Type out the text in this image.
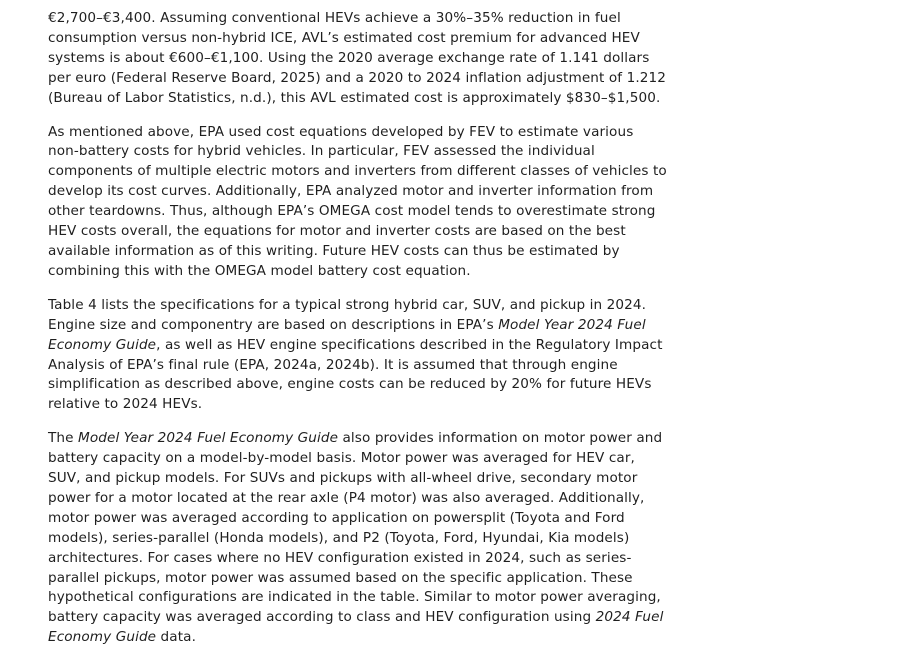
€2,700–€3,400. Assuming conventional HEVs achieve a 30%–35% reduction in fuel consumption versus non-hybrid ICE, AVL’s estimated cost premium for advanced HEV systems is about €600–€1,100. Using the 2020 average exchange rate of 1.141 dollars per euro (Federal Reserve Board, 2025) and a 2020 to 2024 inflation adjustment of 1.212 (Bureau of Labor Statistics, n.d.), this AVL estimated cost is approximately $830–$1,500.

As mentioned above, EPA used cost equations developed by FEV to estimate various non-battery costs for hybrid vehicles. In particular, FEV assessed the individual components of multiple electric motors and inverters from different classes of vehicles to develop its cost curves. Additionally, EPA analyzed motor and inverter information from other teardowns. Thus, although EPA’s OMEGA cost model tends to overestimate strong HEV costs overall, the equations for motor and inverter costs are based on the best available information as of this writing. Future HEV costs can thus be estimated by combining this with the OMEGA model battery cost equation.

Table 4 lists the specifications for a typical strong hybrid car, SUV, and pickup in 2024. Engine size and componentry are based on descriptions in EPA’s Model Year 2024 Fuel Economy Guide, as well as HEV engine specifications described in the Regulatory Impact Analysis of EPA’s final rule (EPA, 2024a, 2024b). It is assumed that through engine simplification as described above, engine costs can be reduced by 20% for future HEVs relative to 2024 HEVs.

The Model Year 2024 Fuel Economy Guide also provides information on motor power and battery capacity on a model-by-model basis. Motor power was averaged for HEV car, SUV, and pickup models. For SUVs and pickups with all-wheel drive, secondary motor power for a motor located at the rear axle (P4 motor) was also averaged. Additionally, motor power was averaged according to application on powersplit (Toyota and Ford models), series-parallel (Honda models), and P2 (Toyota, Ford, Hyundai, Kia models) architectures. For cases where no HEV configuration existed in 2024, such as series-parallel pickups, motor power was assumed based on the specific application. These hypothetical configurations are indicated in the table. Similar to motor power averaging, battery capacity was averaged according to class and HEV configuration using 2024 Fuel Economy Guide data.
